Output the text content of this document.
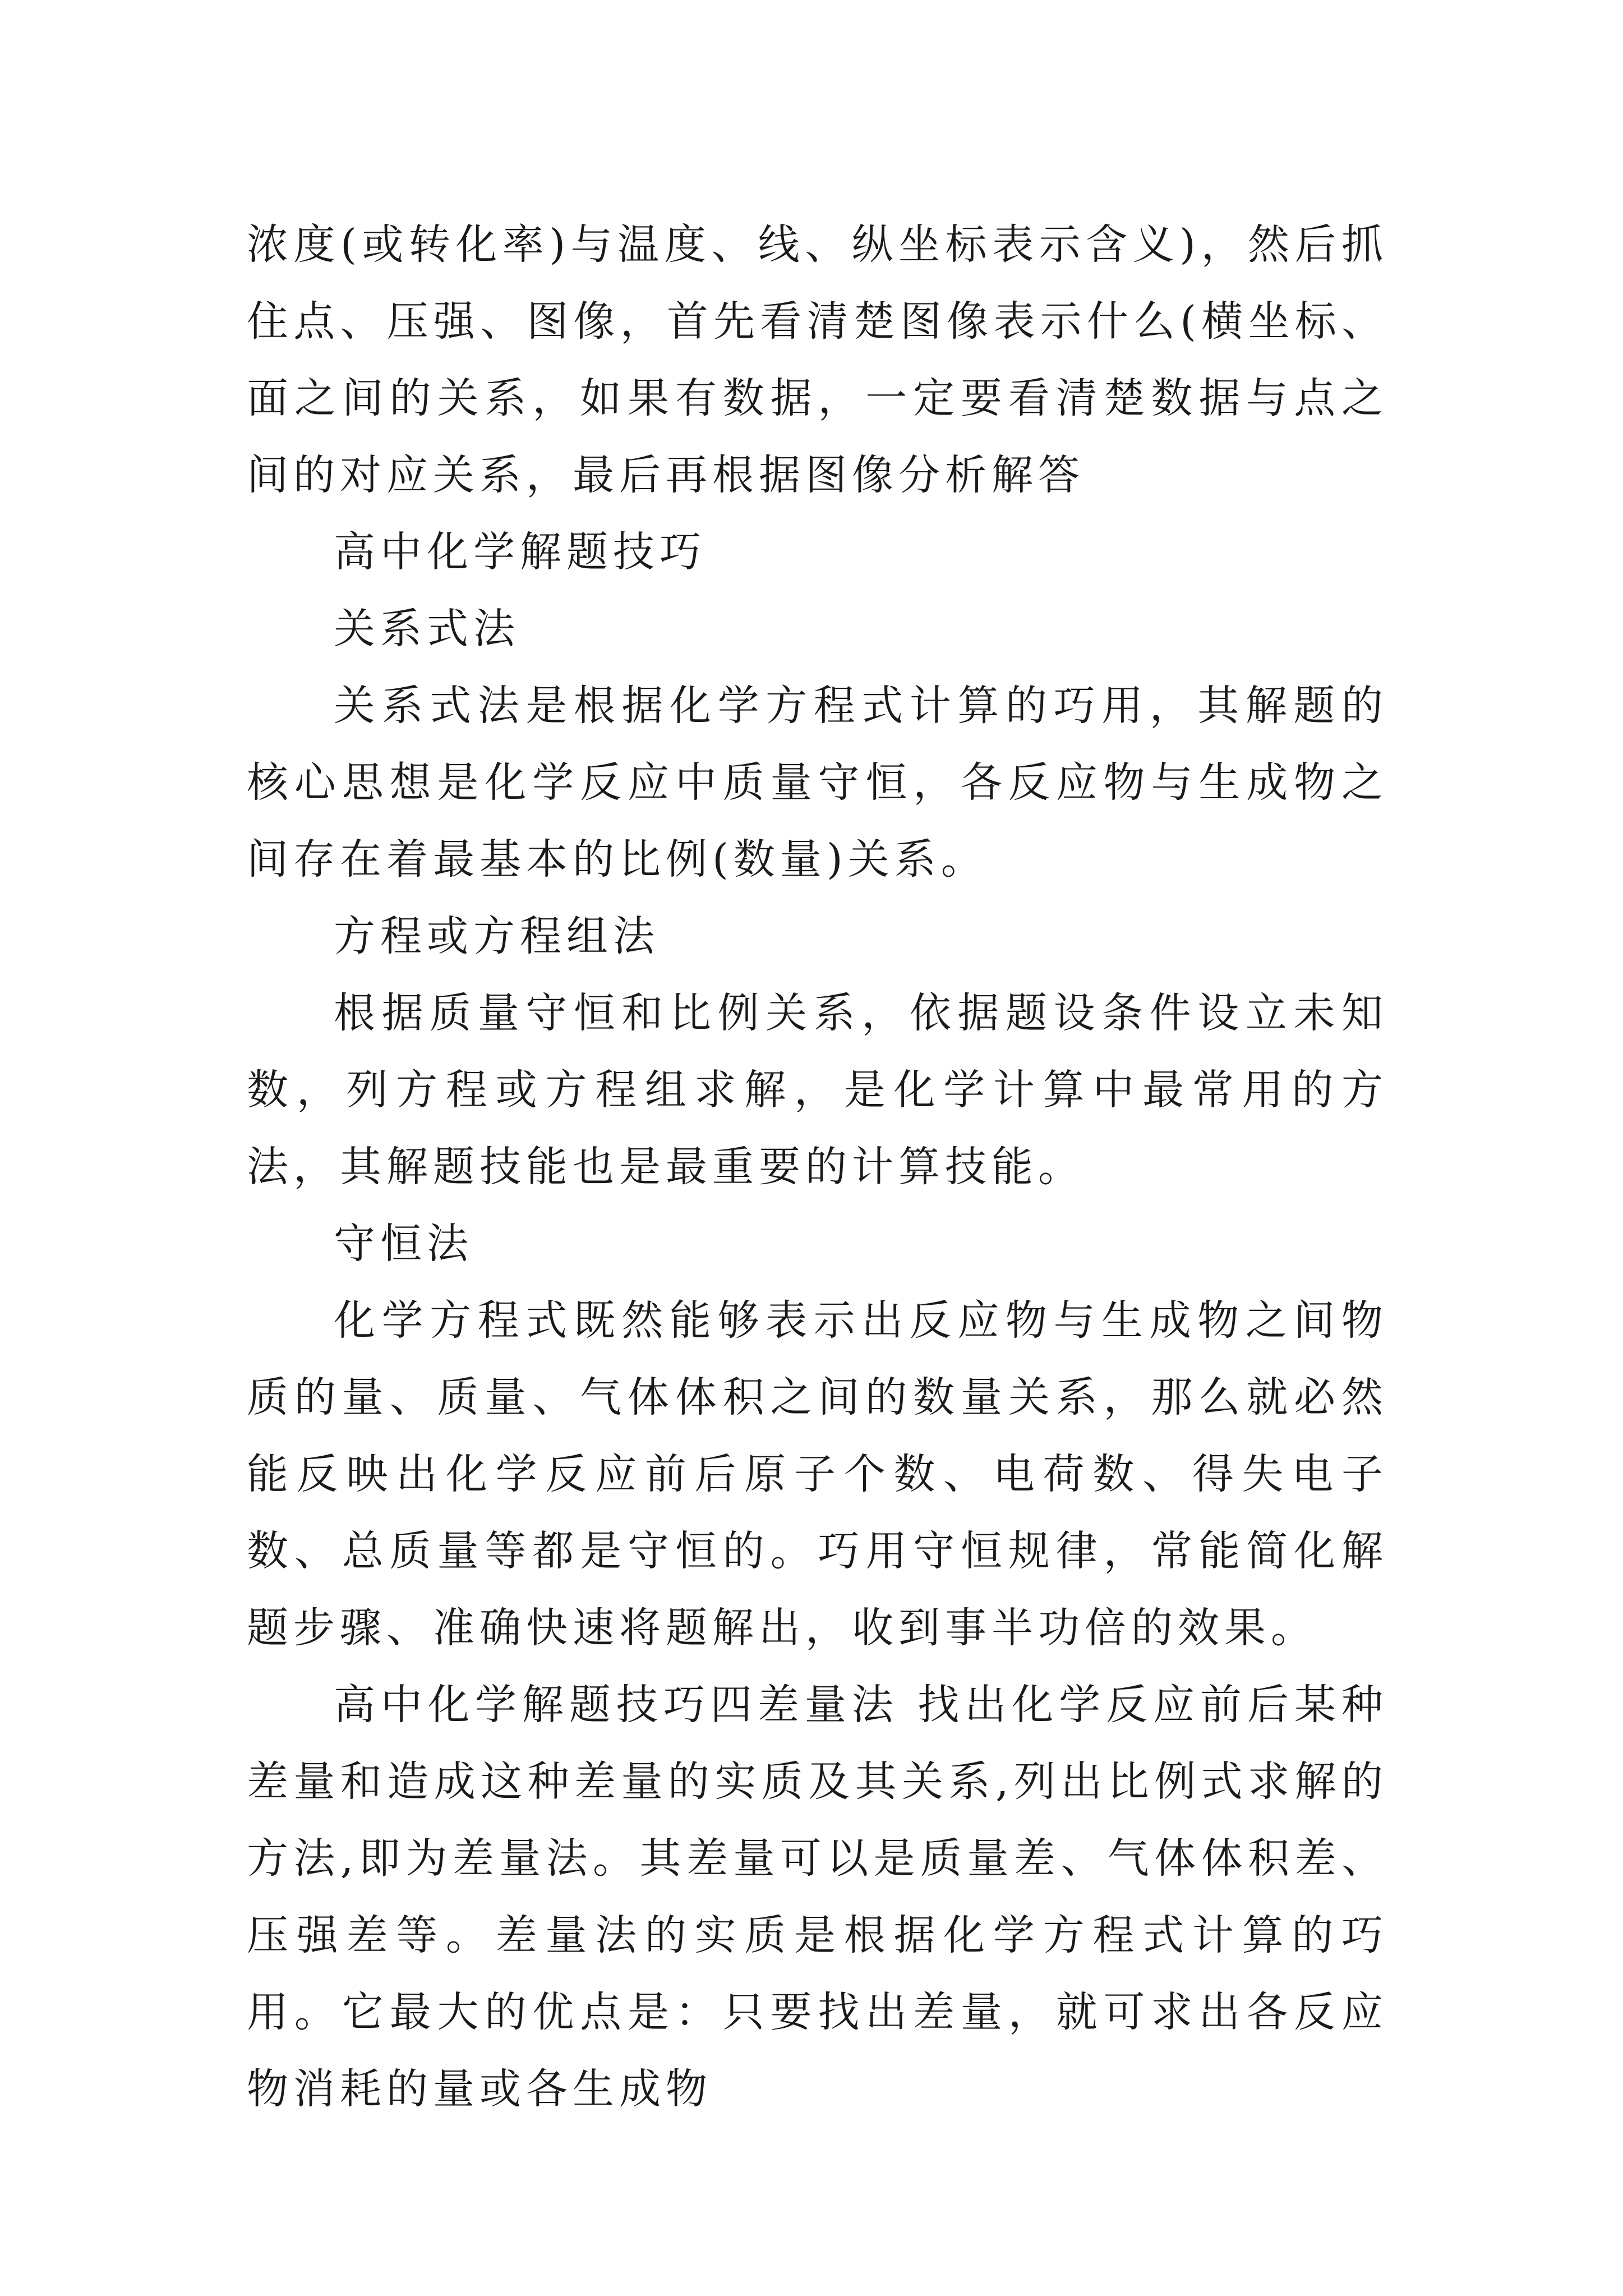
浓度(或转化率)与温度、线、纵坐标表示含义)，然后抓住点、压强、图像，首先看清楚图像表示什么(横坐标、面之间的关系，如果有数据，一定要看清楚数据与点之间的对应关系，最后再根据图像分析解答

高中化学解题技巧

关系式法

关系式法是根据化学方程式计算的巧用，其解题的核心思想是化学反应中质量守恒，各反应物与生成物之间存在着最基本的比例(数量)关系。

方程或方程组法

根据质量守恒和比例关系，依据题设条件设立未知数，列方程或方程组求解，是化学计算中最常用的方法，其解题技能也是最重要的计算技能。

守恒法

化学方程式既然能够表示出反应物与生成物之间物质的量、质量、气体体积之间的数量关系，那么就必然能反映出化学反应前后原子个数、电荷数、得失电子数、总质量等都是守恒的。巧用守恒规律，常能简化解题步骤、准确快速将题解出，收到事半功倍的效果。

高中化学解题技巧四差量法 找出化学反应前后某种差量和造成这种差量的实质及其关系,列出比例式求解的方法,即为差量法。其差量可以是质量差、气体体积差、压强差等。差量法的实质是根据化学方程式计算的巧用。它最大的优点是：只要找出差量，就可求出各反应物消耗的量或各生成物
